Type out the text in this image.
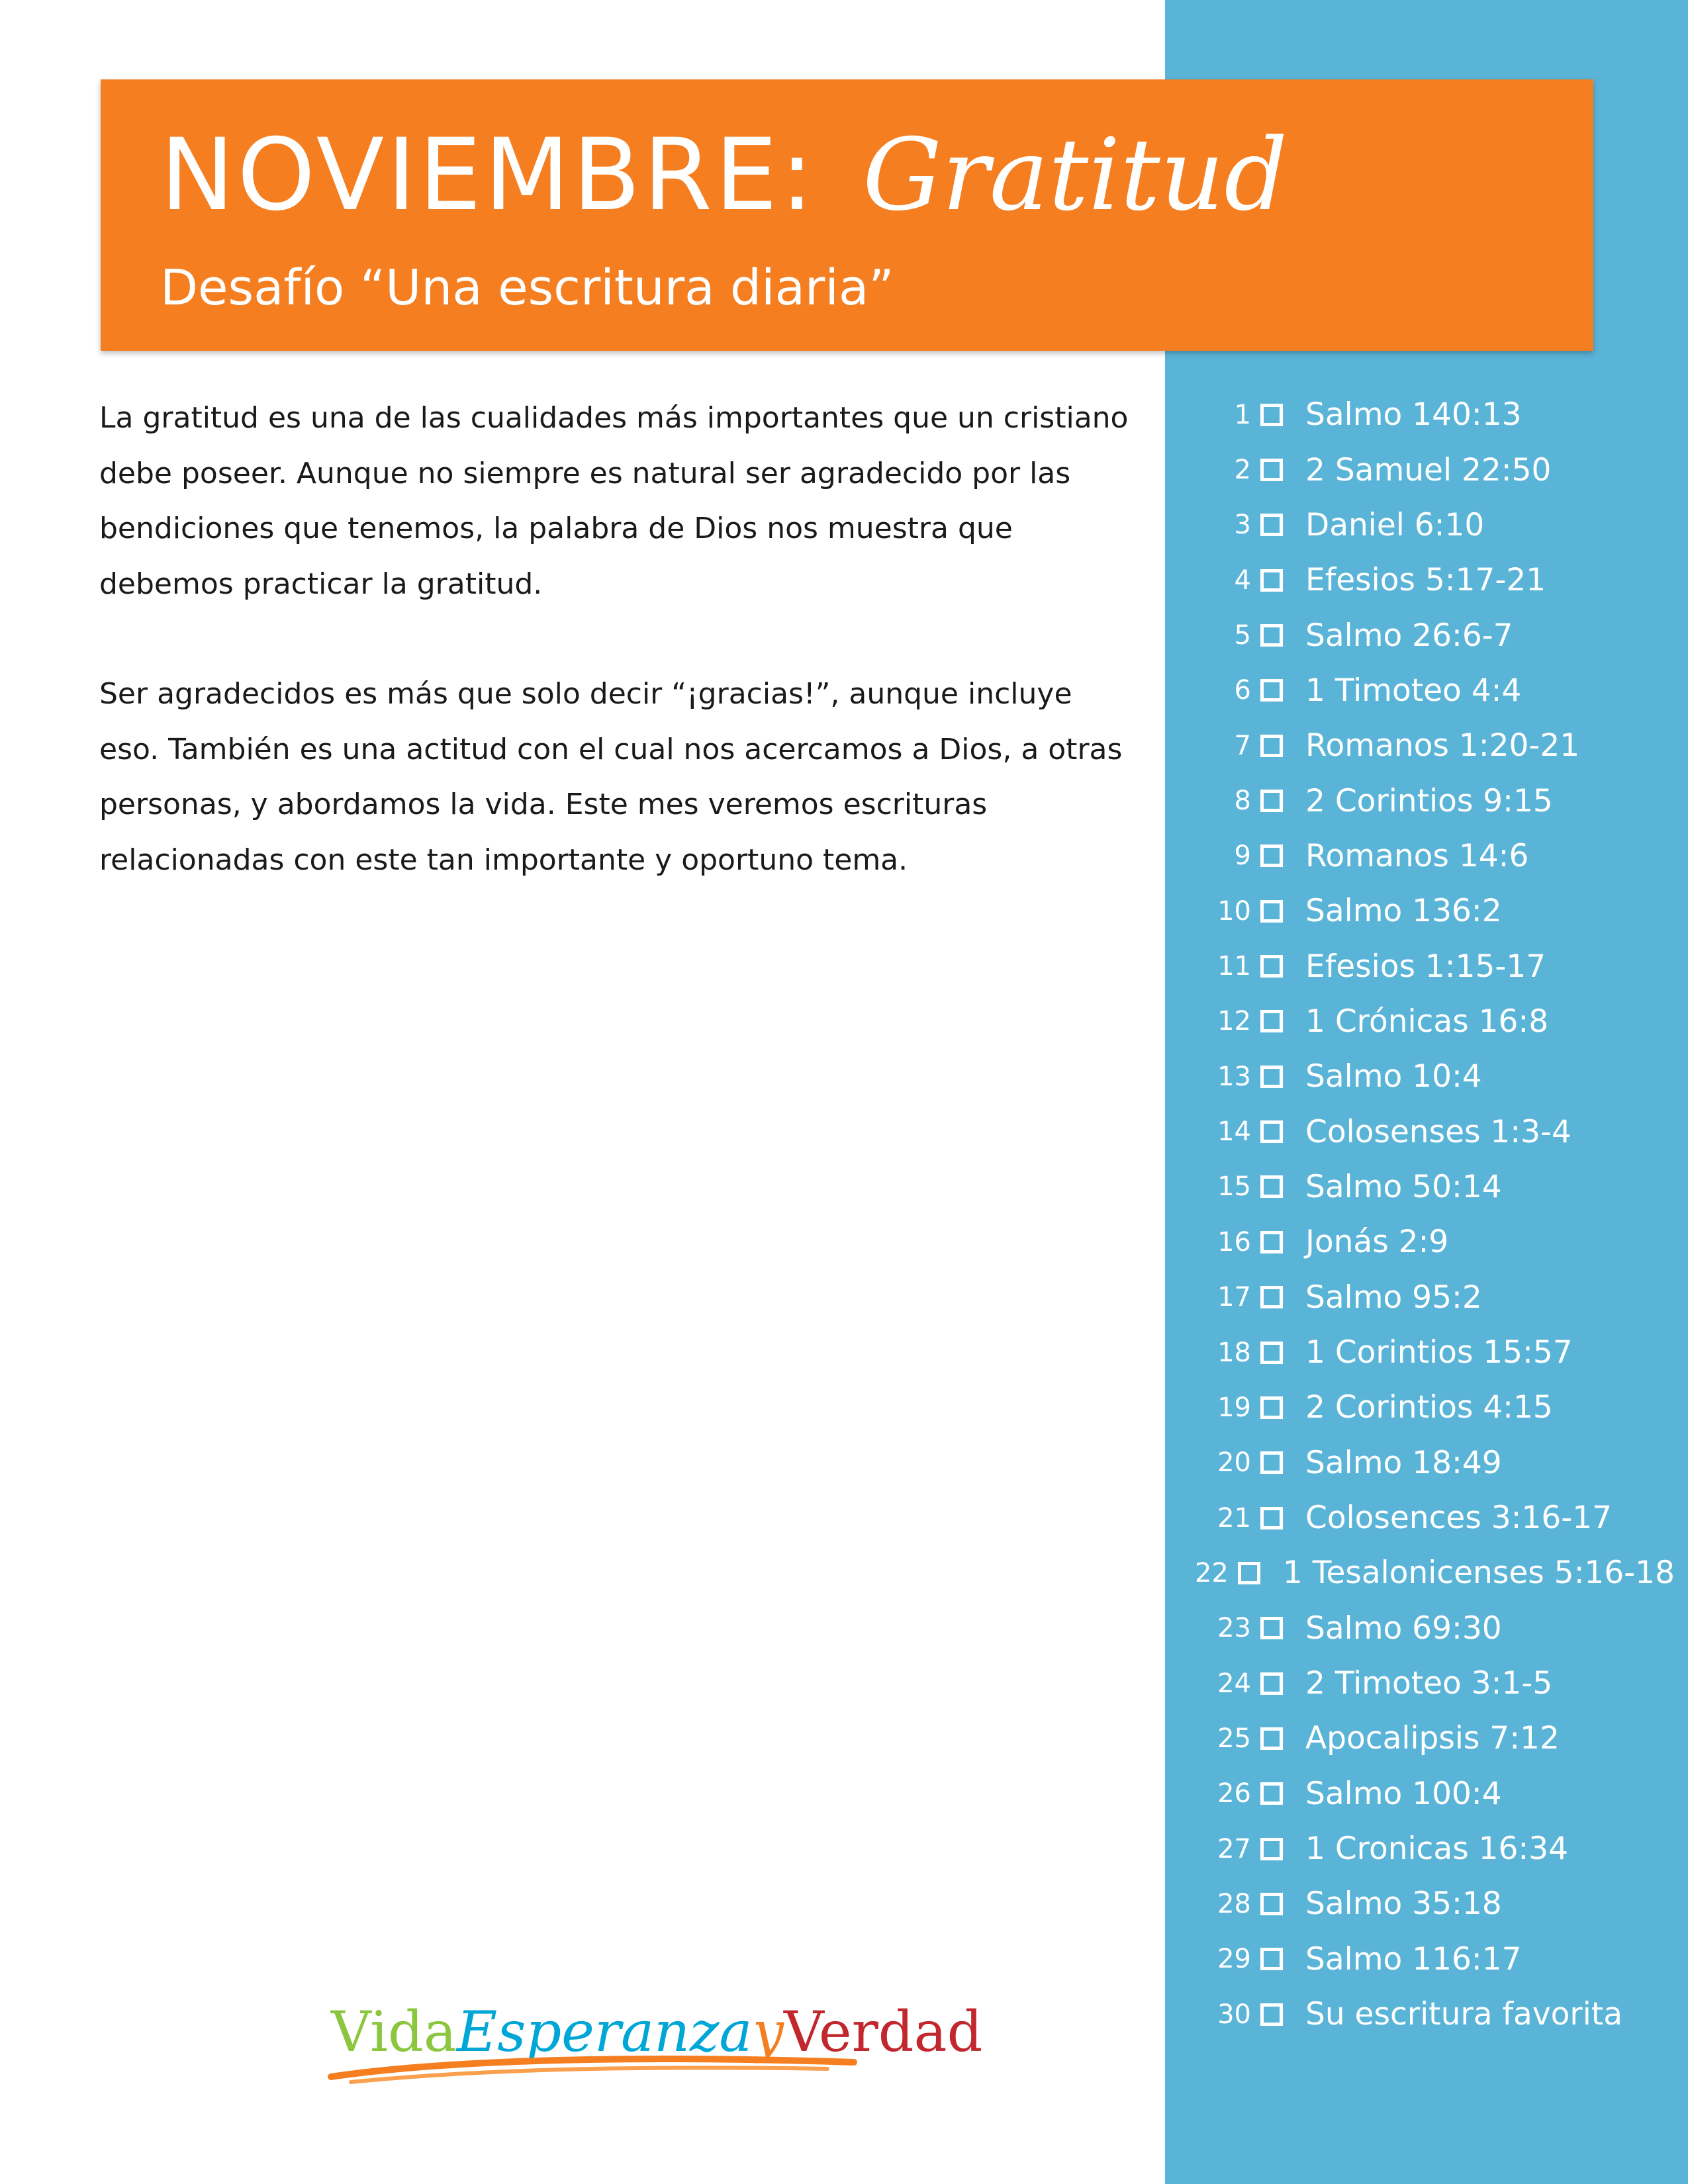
NOVIEMBRE: Gratitud
Desafío “Una escritura diaria”

La gratitud es una de las cualidades más importantes que un cristiano debe poseer. Aunque no siempre es natural ser agradecido por las bendiciones que tenemos, la palabra de Dios nos muestra que debemos practicar la gratitud.

Ser agradecidos es más que solo decir “¡gracias!”, aunque incluye eso. También es una actitud con el cual nos acercamos a Dios, a otras personas, y abordamos la vida. Este mes veremos escrituras relacionadas con este tan importante y oportuno tema.

1 Salmo 140:13
2 2 Samuel 22:50
3 Daniel 6:10
4 Efesios 5:17-21
5 Salmo 26:6-7
6 1 Timoteo 4:4
7 Romanos 1:20-21
8 2 Corintios 9:15
9 Romanos 14:6
10 Salmo 136:2
11 Efesios 1:15-17
12 1 Crónicas 16:8
13 Salmo 10:4
14 Colosenses 1:3-4
15 Salmo 50:14
16 Jonás 2:9
17 Salmo 95:2
18 1 Corintios 15:57
19 2 Corintios 4:15
20 Salmo 18:49
21 Colosences 3:16-17
22 1 Tesalonicenses 5:16-18
23 Salmo 69:30
24 2 Timoteo 3:1-5
25 Apocalipsis 7:12
26 Salmo 100:4
27 1 Cronicas 16:34
28 Salmo 35:18
29 Salmo 116:17
30 Su escritura favorita
VidaEsperanzayVerdad
